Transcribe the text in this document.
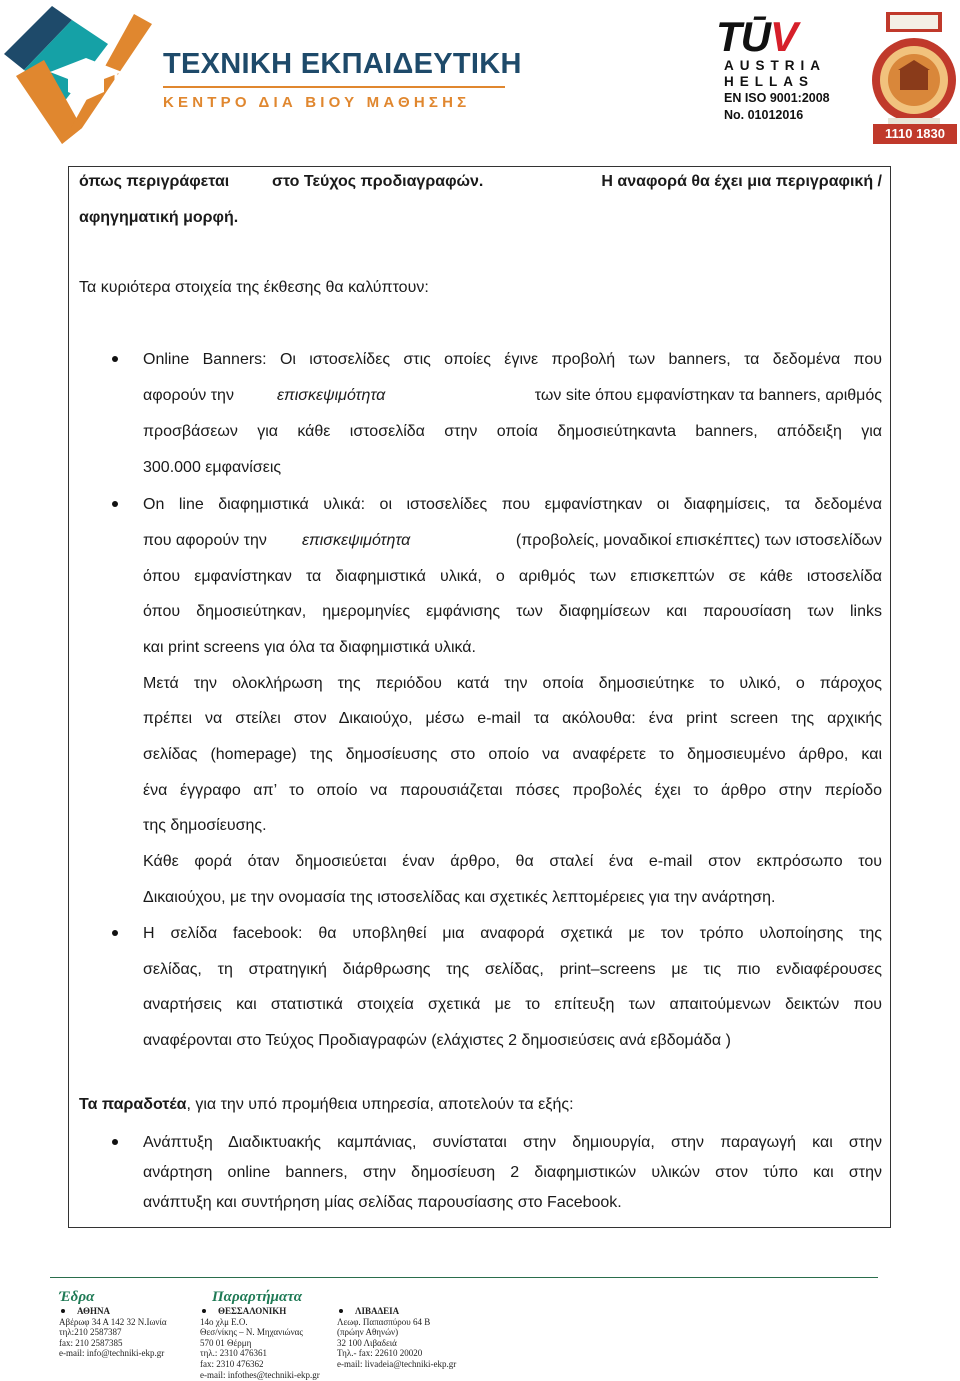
ΤΕΧΝΙΚΗ ΕΚΠΑΙΔΕΥΤΙΚΗ
ΚΕΝΤΡΟ ΔΙΑ ΒΙΟΥ ΜΑΘΗΣΗΣ
TŪV
AUSTRIA
HELLAS
EN ISO 9001:2008
No. 01012016
1110 1830
όπως περιγράφεται	στο Τεύχος προδιαγραφών.	Η αναφορά θα έχει μια περιγραφική /
αφηγηματική μορφή.
Τα κυριότερα στοιχεία της έκθεσης θα καλύπτουν:
Online Banners: Οι ιστοσελίδες στις οποίες έγινε προβολή των banners, τα δεδομένα που
αφορούν την	επισκεψιμότητα	των site όπου εμφανίστηκαν τα banners, αριθμός
προσβάσεων για κάθε ιστοσελίδα στην οποία δημοσιεύτηκανta banners, απόδειξη για
300.000 εμφανίσεις
On line διαφημιστικά υλικά: οι ιστοσελίδες που εμφανίστηκαν οι διαφημίσεις, τα δεδομένα
που αφορούν την επισκεψιμότητα	(προβολείς, μοναδικοί επισκέπτες) των ιστοσελίδων
όπου εμφανίστηκαν τα διαφημιστικά υλικά, ο αριθμός των επισκεπτών σε κάθε ιστοσελίδα
όπου δημοσιεύτηκαν, ημερομηνίες εμφάνισης των διαφημίσεων και παρουσίαση των links
και print screens για όλα τα διαφημιστικά υλικά.
Μετά την ολοκλήρωση της περιόδου κατά την οποία δημοσιεύτηκε το υλικό, ο πάροχος
πρέπει να στείλει στον Δικαιούχο, μέσω e-mail τα ακόλουθα: ένα print screen της αρχικής
σελίδας (homepage) της δημοσίευσης στο οποίο να αναφέρετε το δημοσιευμένο άρθρο, και
ένα έγγραφο απ’ το οποίο να παρουσιάζεται πόσες προβολές έχει το άρθρο στην περίοδο
της δημοσίευσης.
Κάθε φορά όταν δημοσιεύεται έναν άρθρο, θα σταλεί ένα e-mail στον εκπρόσωπο του
Δικαιούχου, με την ονομασία της ιστοσελίδας και σχετικές λεπτομέρειες για την ανάρτηση.
Η σελίδα facebook: θα υποβληθεί μια αναφορά σχετικά με τον τρόπο υλοποίησης της
σελίδας, τη στρατηγική διάρθρωσης της σελίδας, print–screens με τις πιο ενδιαφέρουσες
αναρτήσεις και στατιστικά στοιχεία σχετικά με το επίτευξη των απαιτούμενων δεικτών που
αναφέρονται στο Τεύχος Προδιαγραφών (ελάχιστες 2 δημοσιεύσεις ανά εβδομάδα )
Τα παραδοτέα, για την υπό προμήθεια υπηρεσία, αποτελούν τα εξής:
Ανάπτυξη Διαδικτυακής καμπάνιας, συνίσταται στην δημιουργία, στην παραγωγή και στην
ανάρτηση online banners, στην δημοσίευση 2 διαφημιστικών υλικών στον τύπο και στην
ανάπτυξη και συντήρηση μίας σελίδας παρουσίασης στο Facebook.
Έδρα	Παραρτήματα
ΑΘΗΝΑ
Αβέρωφ 34 Α 142 32 Ν.Ιωνία
τηλ:210 2587387
fax: 210 2587385
e-mail: info@techniki-ekp.gr
ΘΕΣΣΑΛΟΝΙΚΗ
14ο χλμ Ε.Ο.
Θεσ/νίκης – Ν. Μηχανιώνας
570 01 Θέρμη
τηλ.: 2310 476361
fax: 2310 476362
e-mail: infothes@techniki-ekp.gr
ΛΙΒΑΔΕΙΑ
Λεωφ. Παπασπύρου 64 Β
(πρώην Αθηνών)
32 100 Λιβαδειά
Τηλ.- fax: 22610 20020
e-mail: livadeia@techniki-ekp.gr
